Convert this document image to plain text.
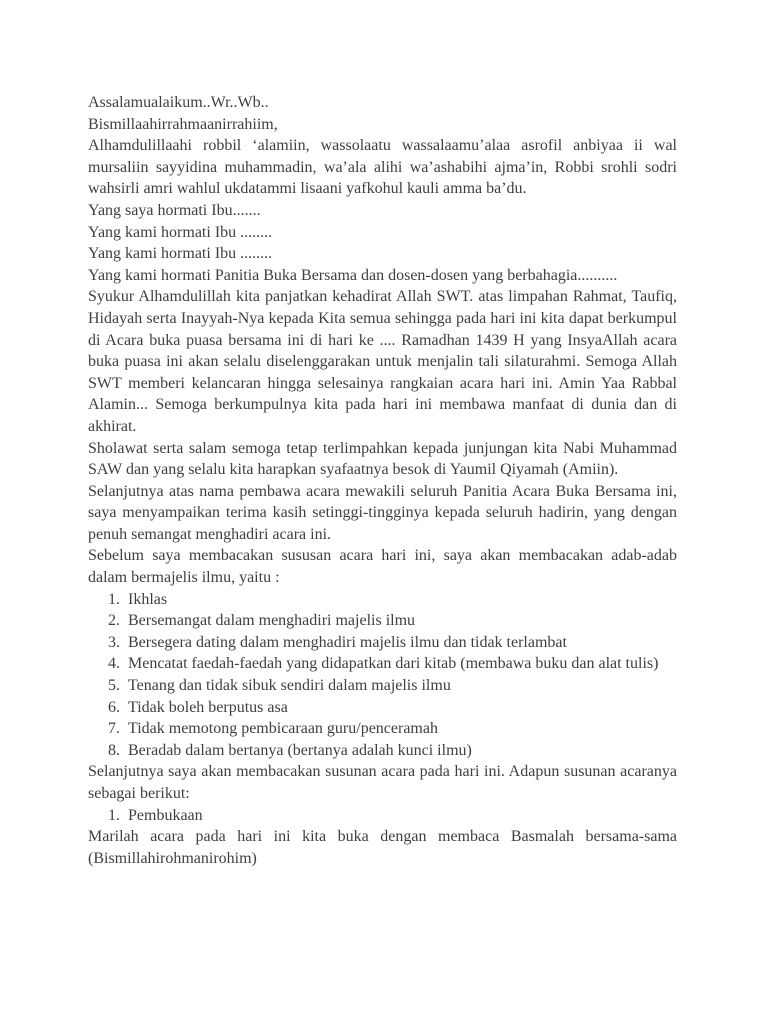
Assalamualaikum..Wr..Wb..

Bismillaahirrahmaanirrahiim,

Alhamdulillaahi robbil ‘alamiin, wassolaatu wassalaamu’alaa asrofil anbiyaa ii wal mursaliin sayyidina muhammadin, wa’ala alihi wa’ashabihi ajma’in, Robbi srohli sodri wahsirli amri wahlul ukdatammi lisaani yafkohul kauli amma ba’du.

Yang saya hormati Ibu.......
Yang kami hormati Ibu ........
Yang kami hormati Ibu ........
Yang kami hormati Panitia Buka Bersama dan dosen-dosen yang berbahagia..........

Syukur Alhamdulillah kita panjatkan kehadirat Allah SWT. atas limpahan Rahmat, Taufiq, Hidayah serta Inayyah-Nya kepada Kita semua sehingga pada hari ini kita dapat berkumpul di Acara buka puasa bersama ini di hari ke .... Ramadhan 1439 H yang InsyaAllah acara buka puasa ini akan selalu diselenggarakan untuk menjalin tali silaturahmi. Semoga Allah SWT memberi kelancaran hingga selesainya rangkaian acara hari ini. Amin Yaa Rabbal Alamin... Semoga berkumpulnya kita pada hari ini membawa manfaat di dunia dan di akhirat.

Sholawat serta salam semoga tetap terlimpahkan kepada junjungan kita Nabi Muhammad SAW dan yang selalu kita harapkan syafaatnya besok di Yaumil Qiyamah (Amiin).

Selanjutnya atas nama pembawa acara mewakili seluruh Panitia Acara Buka Bersama ini, saya menyampaikan terima kasih setinggi-tingginya kepada seluruh hadirin, yang dengan penuh semangat menghadiri acara ini.

Sebelum saya membacakan sususan acara hari ini, saya akan membacakan adab-adab dalam bermajelis ilmu, yaitu :

1. Ikhlas
2. Bersemangat dalam menghadiri majelis ilmu
3. Bersegera dating dalam menghadiri majelis ilmu dan tidak terlambat
4. Mencatat faedah-faedah yang didapatkan dari kitab (membawa buku dan alat tulis)
5. Tenang dan tidak sibuk sendiri dalam majelis ilmu
6. Tidak boleh berputus asa
7. Tidak memotong pembicaraan guru/penceramah
8. Beradab dalam bertanya (bertanya adalah kunci ilmu)

Selanjutnya saya akan membacakan susunan acara pada hari ini. Adapun susunan acaranya sebagai berikut:

1. Pembukaan

Marilah acara pada hari ini kita buka dengan membaca Basmalah bersama-sama (Bismillahirohmanirohim)
